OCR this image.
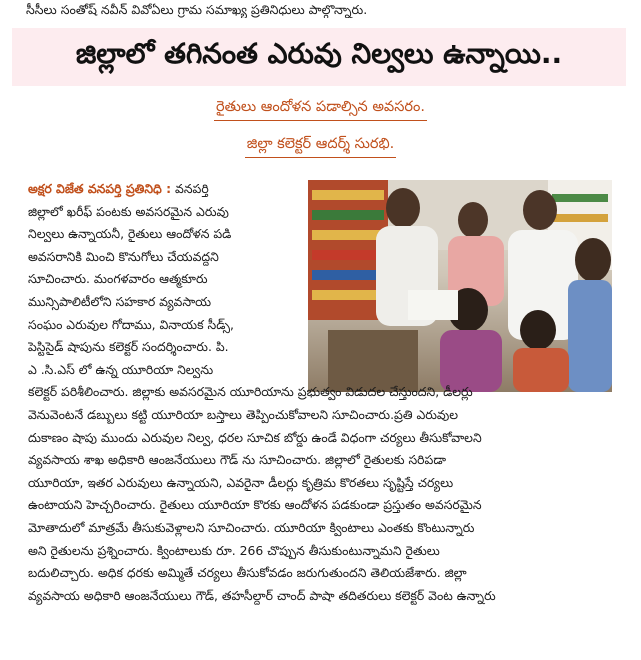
సీసీలు సంతోష్ నవీన్ వివోఏలు గ్రామ సమాఖ్య ప్రతినిధులు పాల్గొన్నారు.
జిల్లాలో తగినంత ఎరువు నిల్వలు ఉన్నాయి..
రైతులు ఆందోళన పడాల్సిన అవసరం.
జిల్లా కలెక్టర్ ఆదర్శ్ సురభి.
అక్షర విజేత వనపర్తి ప్రతినిధి : వనపర్తి
జిల్లాలో ఖరీఫ్ పంటకు అవసరమైన ఎరువు
నిల్వలు ఉన్నాయనీ, రైతులు ఆందోళన పడి
అవసరానికి మించి కొనుగోలు చేయవద్దని
సూచించారు. మంగళవారం ఆత్మకూరు
మున్సిపాలిటీలోని సహకార వ్యవసాయ
సంఘం ఎరువుల గోదాము, వినాయక సీడ్స్,
పెస్టిసైడ్ షాపును కలెక్టర్ సందర్శించారు. పి.
ఎ .సి.ఎస్ లో ఉన్న యూరియా నిల్వను
కలెక్టర్ పరిశీలించారు. జిల్లాకు అవసరమైన యూరియాను ప్రభుత్వం విడుదల చేస్తుందని, డీలర్లు
వెనువెంటనే డబ్బులు కట్టి యూరియా బస్తాలు తెప్పించుకోవాలని సూచించారు.ప్రతి ఎరువుల
దుకాణం షాపు ముందు ఎరువుల నిల్వ, ధరల సూచిక బోర్డు ఉండే విధంగా చర్యలు తీసుకోవాలని
వ్యవసాయ శాఖ అధికారి ఆంజనేయులు గౌడ్ ను సూచించారు. జిల్లాలో రైతులకు సరిపడా
యూరియా, ఇతర ఎరువులు ఉన్నాయని, ఎవరైనా డీలర్లు కృత్రిమ కొరతలు సృష్టిస్తే చర్యలు
ఉంటాయని హెచ్చరించారు. రైతులు యూరియా కొరకు ఆందోళన పడకుండా ప్రస్తుతం అవసరమైన
మోతాదులో మాత్రమే తీసుకువెళ్లాలని సూచించారు. యూరియా క్వింటాలు ఎంతకు కొంటున్నారు
అని రైతులను ప్రశ్నించారు. క్వింటాలుకు రూ. 266 చొప్పున తీసుకుంటున్నామని రైతులు
బదులిచ్చారు. అధిక ధరకు అమ్మితే చర్యలు తీసుకోవడం జరుగుతుందని తెలియజేశారు. జిల్లా
వ్యవసాయ అధికారి ఆంజనేయులు గౌడ్, తహసీల్దార్ చాంద్ పాషా తదితరులు కలెక్టర్ వెంట ఉన్నారు
